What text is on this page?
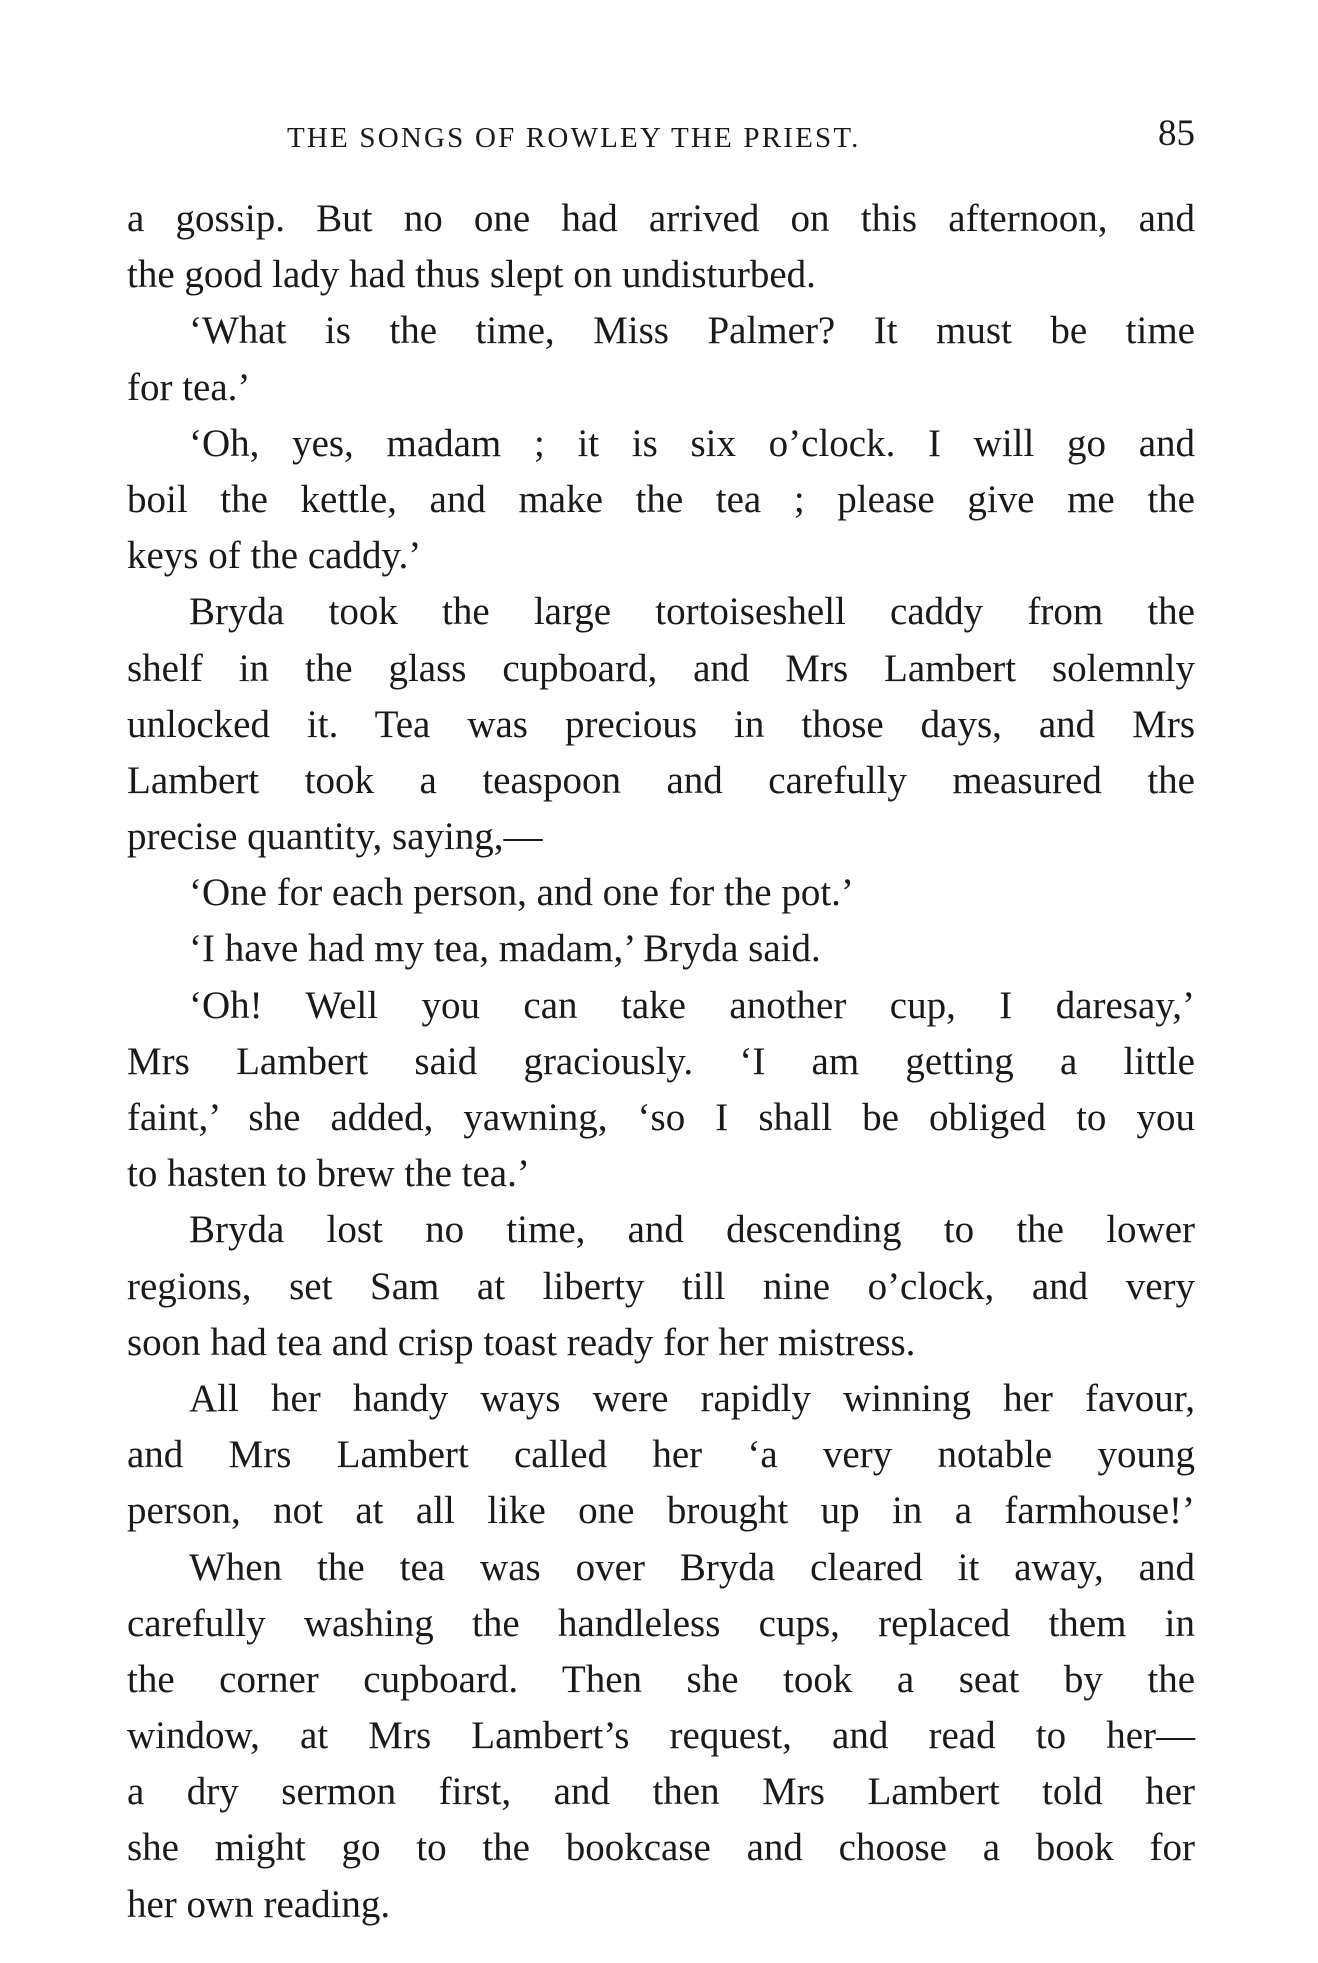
THE SONGS OF ROWLEY THE PRIEST.	85
a gossip. But no one had arrived on this afternoon, and
the good lady had thus slept on undisturbed.
‘What is the time, Miss Palmer? It must be time
for tea.’
‘Oh, yes, madam ; it is six o’clock. I will go and
boil the kettle, and make the tea ; please give me the
keys of the caddy.’
Bryda took the large tortoiseshell caddy from the
shelf in the glass cupboard, and Mrs Lambert solemnly
unlocked it. Tea was precious in those days, and Mrs
Lambert took a teaspoon and carefully measured the
precise quantity, saying,—
‘One for each person, and one for the pot.’
‘I have had my tea, madam,’ Bryda said.
‘Oh! Well you can take another cup, I daresay,’
Mrs Lambert said graciously. ‘I am getting a little
faint,’ she added, yawning, ‘so I shall be obliged to you
to hasten to brew the tea.’
Bryda lost no time, and descending to the lower
regions, set Sam at liberty till nine o’clock, and very
soon had tea and crisp toast ready for her mistress.
All her handy ways were rapidly winning her favour,
and Mrs Lambert called her ‘a very notable young
person, not at all like one brought up in a farmhouse!’
When the tea was over Bryda cleared it away, and
carefully washing the handleless cups, replaced them in
the corner cupboard. Then she took a seat by the
window, at Mrs Lambert’s request, and read to her—
a dry sermon first, and then Mrs Lambert told her
she might go to the bookcase and choose a book for
her own reading.
